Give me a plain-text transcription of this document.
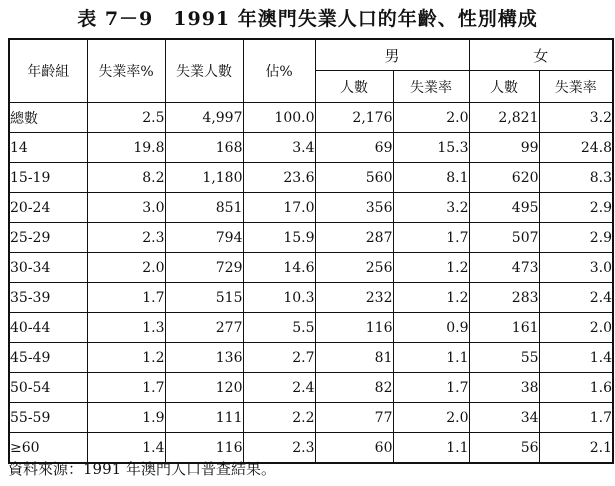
表 7－9　1991 年澳門失業人口的年齡、性別構成
年齡組	失業率%	失業人數	佔%	男		女	
				人數	失業率	人數	失業率
總數	2.5	4,997	100.0	2,176	2.0	2,821	3.2
14	19.8	168	3.4	69	15.3	99	24.8
15-19	8.2	1,180	23.6	560	8.1	620	8.3
20-24	3.0	851	17.0	356	3.2	495	2.9
25-29	2.3	794	15.9	287	1.7	507	2.9
30-34	2.0	729	14.6	256	1.2	473	3.0
35-39	1.7	515	10.3	232	1.2	283	2.4
40-44	1.3	277	5.5	116	0.9	161	2.0
45-49	1.2	136	2.7	81	1.1	55	1.4
50-54	1.7	120	2.4	82	1.7	38	1.6
55-59	1.9	111	2.2	77	2.0	34	1.7
≥60	1.4	116	2.3	60	1.1	56	2.1
資料來源：1991 年澳門人口普查結果。
